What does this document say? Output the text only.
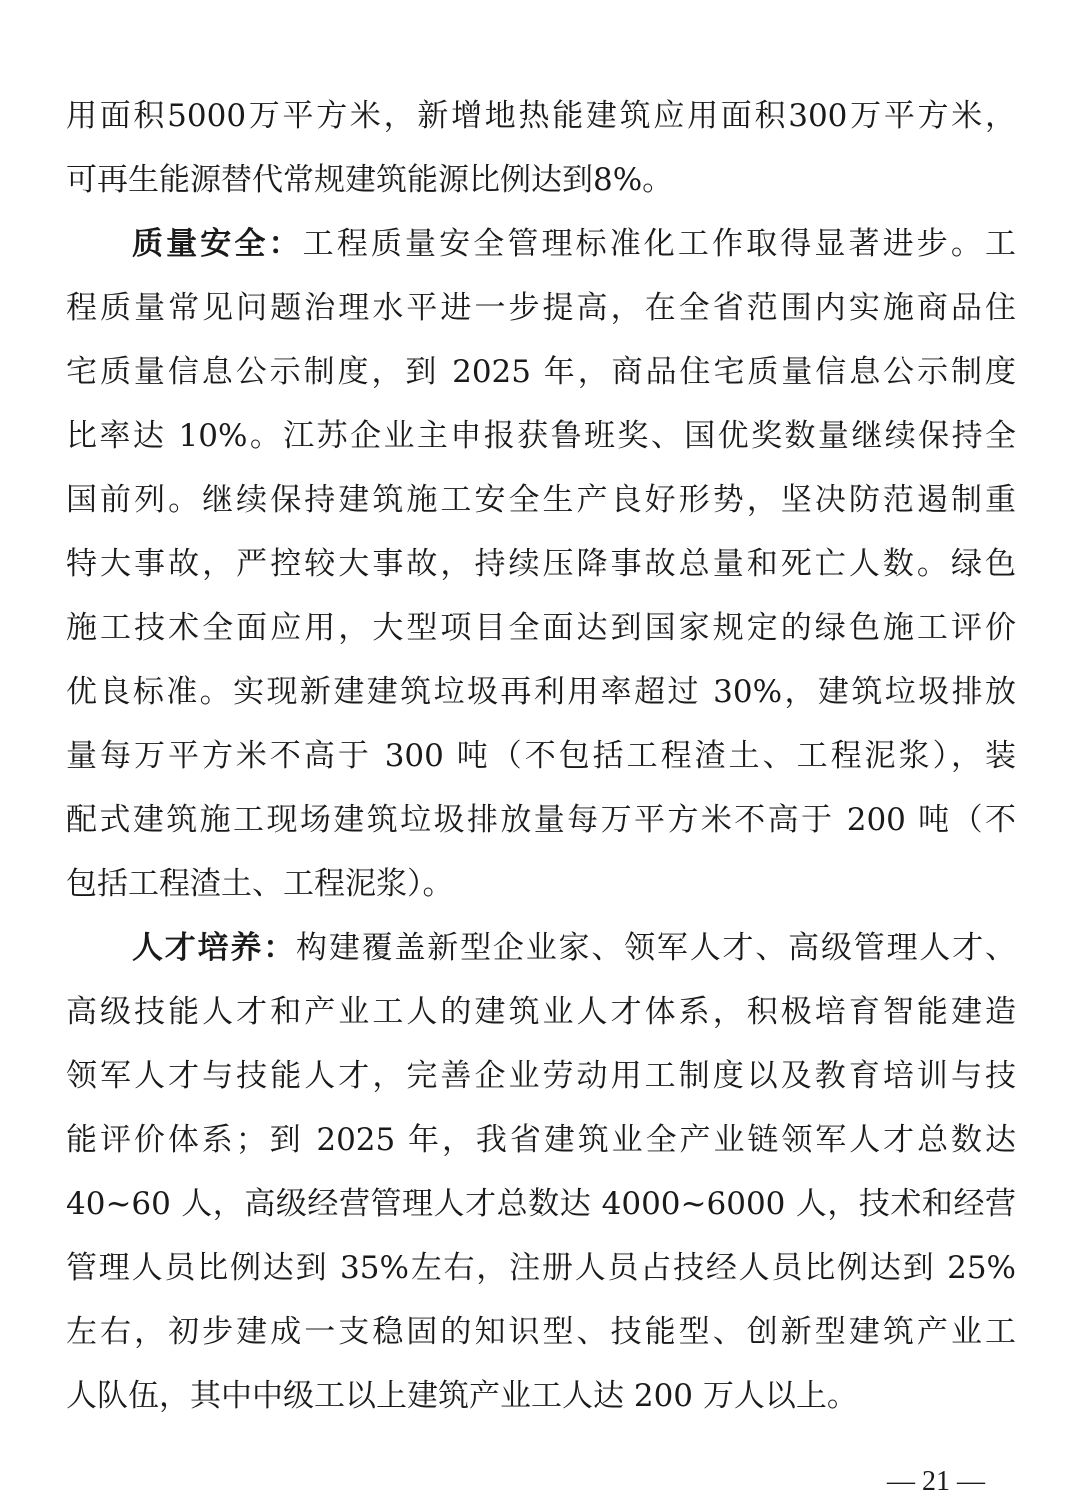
用面积5000万平方米，新增地热能建筑应用面积300万平方米，
可再生能源替代常规建筑能源比例达到8%。
质量安全：工程质量安全管理标准化工作取得显著进步。工
程质量常见问题治理水平进一步提高，在全省范围内实施商品住
宅质量信息公示制度，到 2025 年，商品住宅质量信息公示制度
比率达 10%。江苏企业主申报获鲁班奖、国优奖数量继续保持全
国前列。继续保持建筑施工安全生产良好形势，坚决防范遏制重
特大事故，严控较大事故，持续压降事故总量和死亡人数。绿色
施工技术全面应用，大型项目全面达到国家规定的绿色施工评价
优良标准。实现新建建筑垃圾再利用率超过 30%，建筑垃圾排放
量每万平方米不高于 300 吨（不包括工程渣土、工程泥浆），装
配式建筑施工现场建筑垃圾排放量每万平方米不高于 200 吨（不
包括工程渣土、工程泥浆）。
人才培养：构建覆盖新型企业家、领军人才、高级管理人才、
高级技能人才和产业工人的建筑业人才体系，积极培育智能建造
领军人才与技能人才，完善企业劳动用工制度以及教育培训与技
能评价体系；到 2025 年，我省建筑业全产业链领军人才总数达
40~60 人，高级经营管理人才总数达 4000~6000 人，技术和经营
管理人员比例达到 35%左右，注册人员占技经人员比例达到 25%
左右，初步建成一支稳固的知识型、技能型、创新型建筑产业工
人队伍，其中中级工以上建筑产业工人达 200 万人以上。
— 21 —
